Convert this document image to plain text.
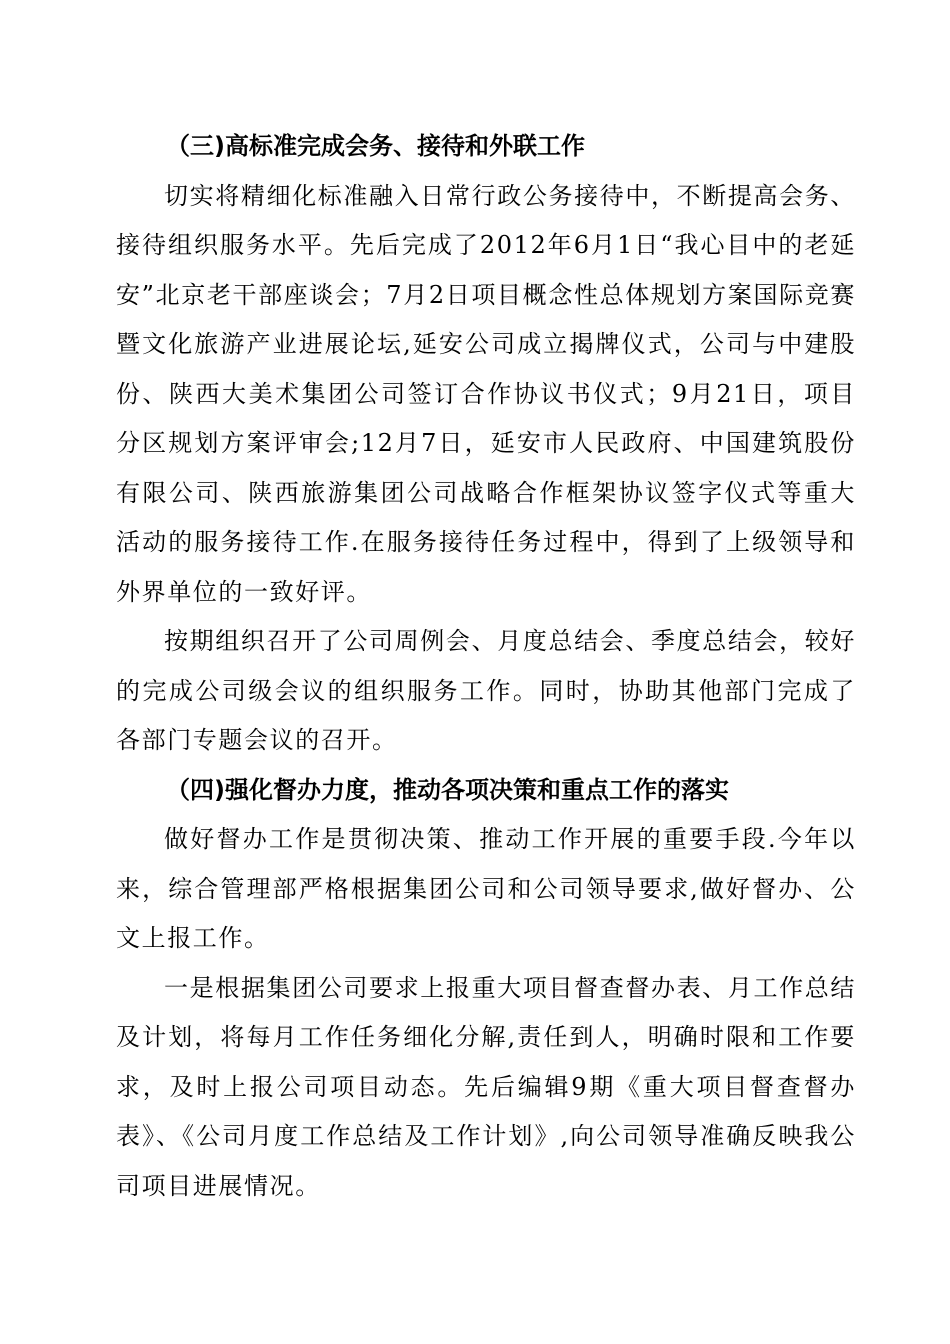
（三)高标准完成会务、接待和外联工作

切实将精细化标准融入日常行政公务接待中，不断提高会务、接待组织服务水平。先后完成了2012年6月1日“我心目中的老延安”北京老干部座谈会；7月2日项目概念性总体规划方案国际竞赛暨文化旅游产业进展论坛,延安公司成立揭牌仪式，公司与中建股份、陕西大美术集团公司签订合作协议书仪式；9月21日，项目分区规划方案评审会;12月7日，延安市人民政府、中国建筑股份有限公司、陕西旅游集团公司战略合作框架协议签字仪式等重大活动的服务接待工作.在服务接待任务过程中，得到了上级领导和外界单位的一致好评。

按期组织召开了公司周例会、月度总结会、季度总结会，较好的完成公司级会议的组织服务工作。同时，协助其他部门完成了各部门专题会议的召开。

（四)强化督办力度，推动各项决策和重点工作的落实

做好督办工作是贯彻决策、推动工作开展的重要手段.今年以来，综合管理部严格根据集团公司和公司领导要求,做好督办、公文上报工作。

一是根据集团公司要求上报重大项目督查督办表、月工作总结及计划，将每月工作任务细化分解,责任到人，明确时限和工作要求，及时上报公司项目动态。先后编辑9期《重大项目督查督办表》、《公司月度工作总结及工作计划》,向公司领导准确反映我公司项目进展情况。
